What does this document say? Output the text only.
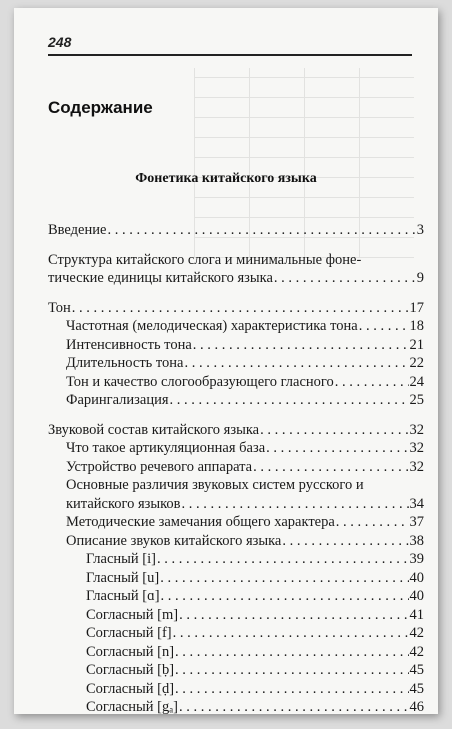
248
Содержание
Фонетика китайского языка
Введение . . .	3
Структура китайского слога и минимальные фоне-
тические единицы китайского языка . . .	9
Тон . . .	17
Частотная (мелодическая) характеристика тона . . .	18
Интенсивность тона . . .	21
Длительность тона . . .	22
Тон и качество слогообразующего гласного . . .	24
Фарингализация . . .	25
Звуковой состав китайского языка . . .	32
Что такое артикуляционная база . . .	32
Устройство речевого аппарата . . .	32
Основные различия звуковых систем русского и
китайского языков . . .	34
Методические замечания общего характера . . .	37
Описание звуков китайского языка . . .	38
Гласный [i] . . .	39
Гласный [u] . . .	40
Гласный [ɑ] . . .	40
Согласный [m] . . .	41
Согласный [f] . . .	42
Согласный [n] . . .	42
Согласный [ḅ] . . .	45
Согласный [ḍ] . . .	45
Согласный [gₐ] . . .	46
